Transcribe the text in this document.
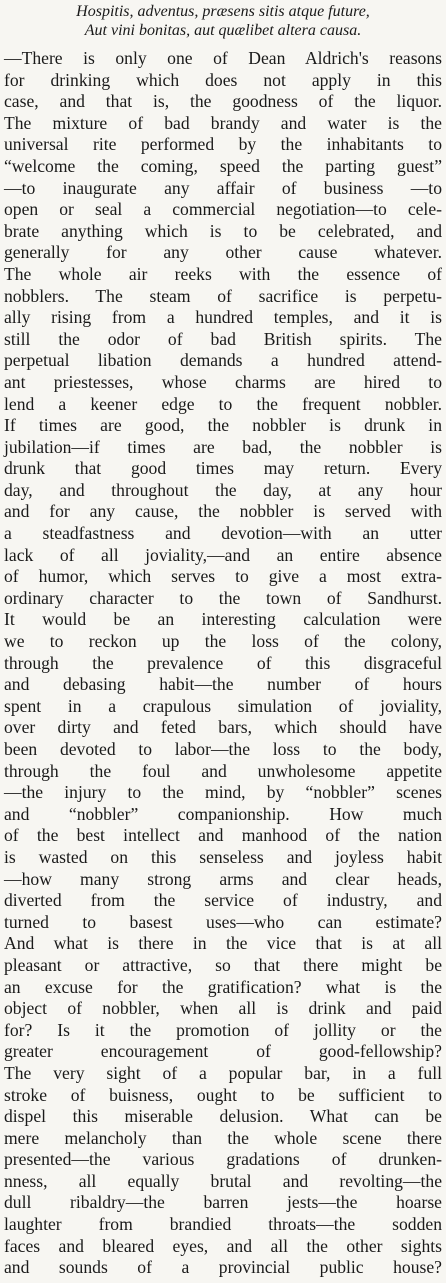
Hospitis, adventus, præsens sitis atque future,
Aut vini bonitas, aut quælibet altera causa.

—There is only one of Dean Aldrich's reasons
for drinking which does not apply in this
case, and that is, the goodness of the liquor.

The mixture of bad brandy and water is the
universal rite performed by the inhabitants to
“welcome the coming, speed the parting guest”
—to inaugurate any affair of business —to
open or seal a commercial negotiation—to cele-
brate anything which is to be celebrated, and
generally for any other cause whatever.

The whole air reeks with the essence of
nobblers. The steam of sacrifice is perpetu-
ally rising from a hundred temples, and it is
still the odor of bad British spirits. The
perpetual libation demands a hundred attend-
ant priestesses, whose charms are hired to
lend a keener edge to the frequent nobbler.

If times are good, the nobbler is drunk in
jubilation—if times are bad, the nobbler is
drunk that good times may return. Every
day, and throughout the day, at any hour
and for any cause, the nobbler is served with
a steadfastness and devotion—with an utter
lack of all joviality,—and an entire absence
of humor, which serves to give a most extra-
ordinary character to the town of Sandhurst.

It would be an interesting calculation were
we to reckon up the loss of the colony,
through the prevalence of this disgraceful
and debasing habit—the number of hours
spent in a crapulous simulation of joviality,
over dirty and feted bars, which should have
been devoted to labor—the loss to the body,
through the foul and unwholesome appetite
—the injury to the mind, by “nobbler” scenes
and “nobbler” companionship. How much
of the best intellect and manhood of the nation
is wasted on this senseless and joyless habit
—how many strong arms and clear heads,
diverted from the service of industry, and
turned to basest uses—who can estimate?
And what is there in the vice that is at all
pleasant or attractive, so that there might be
an excuse for the gratification? what is the
object of nobbler, when all is drink and paid
for? Is it the promotion of jollity or the
greater encouragement of good-fellowship?

The very sight of a popular bar, in a full
stroke of buisness, ought to be sufficient to
dispel this miserable delusion. What can be
mere melancholy than the whole scene there
presented—the various gradations of drunken-
nness, all equally brutal and revolting—the
dull ribaldry—the barren jests—the hoarse
laughter from brandied throats—the sodden
faces and bleared eyes, and all the other sights
and sounds of a provincial public house?
